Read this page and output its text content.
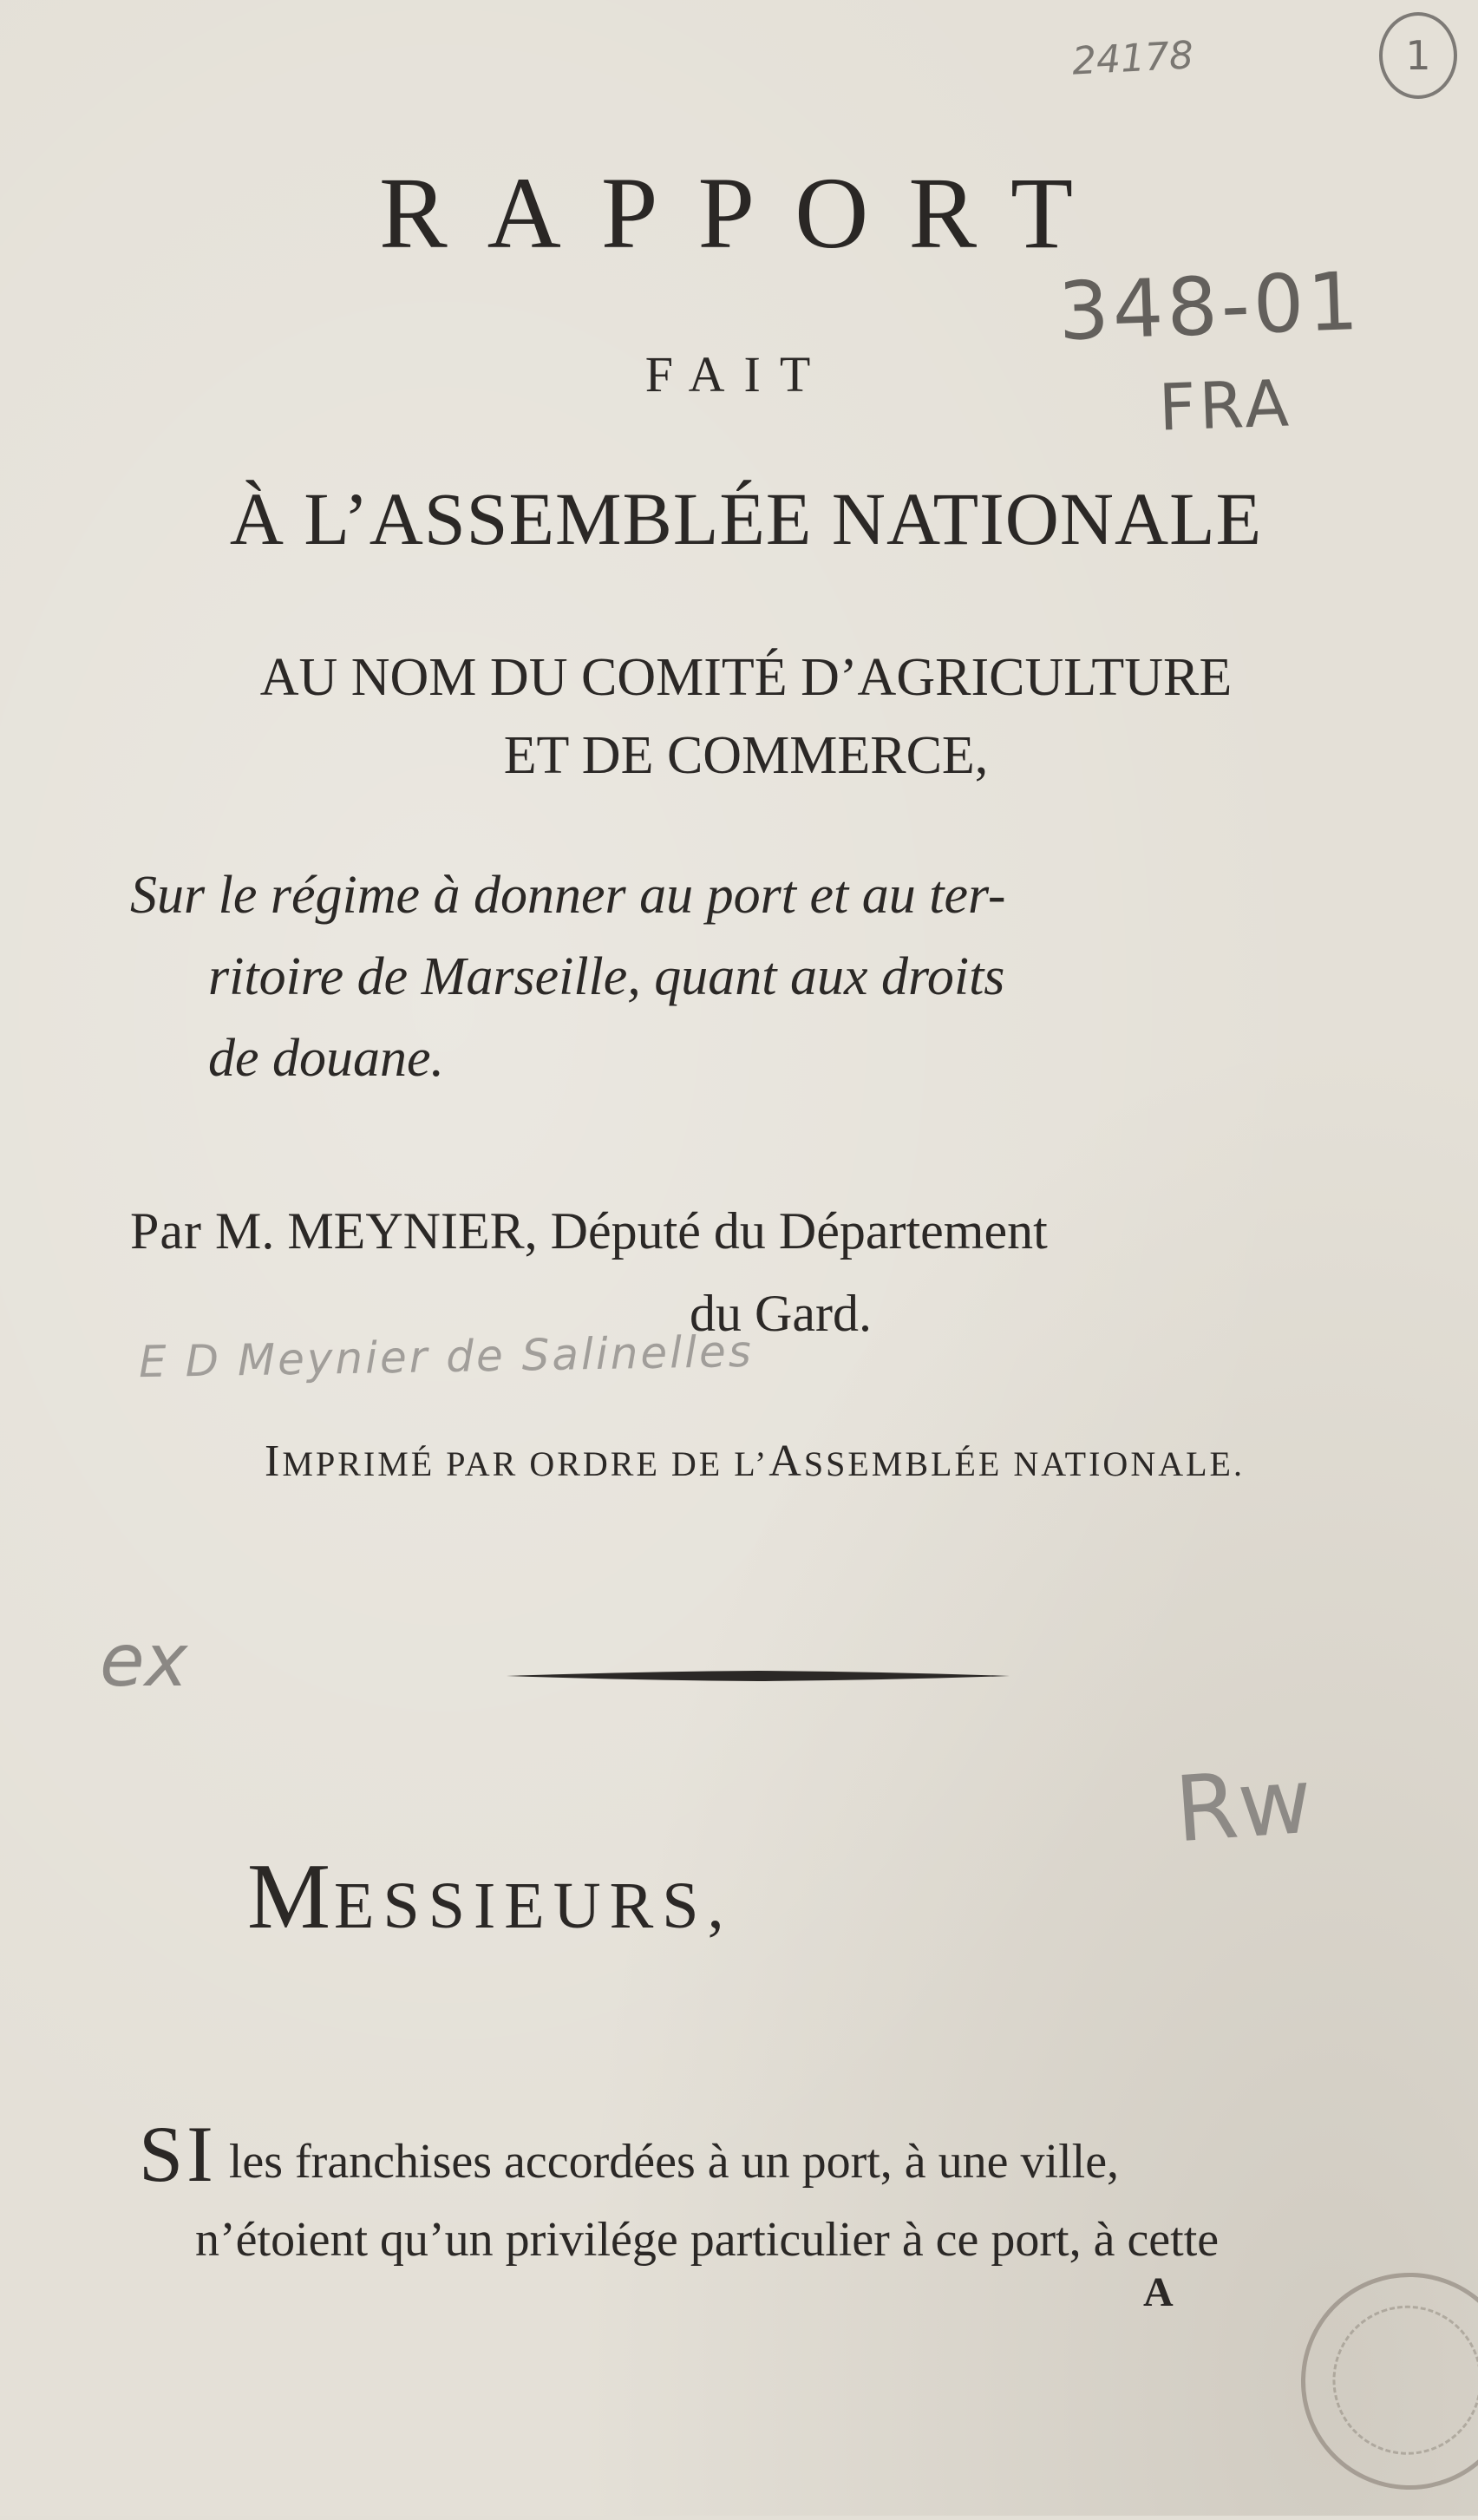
24178	1
348-01
FRA
RAPPORT
FAIT
À L’ASSEMBLÉE NATIONALE
AU NOM DU COMITÉ D’AGRICULTURE
ET DE COMMERCE,
Sur le régime à donner au port et au ter-
ritoire de Marseille, quant aux droits
de douane.
Par M. MEYNIER, Député du Département
du Gard.
E D Meynier de Salinelles
IMPRIMÉ PAR ORDRE DE L’ASSEMBLÉE NATIONALE.
ex
Rw
MESSIEURS,
SI les franchises accordées à un port, à une ville,
n’étoient qu’un privilége particulier à ce port, à cette
A
